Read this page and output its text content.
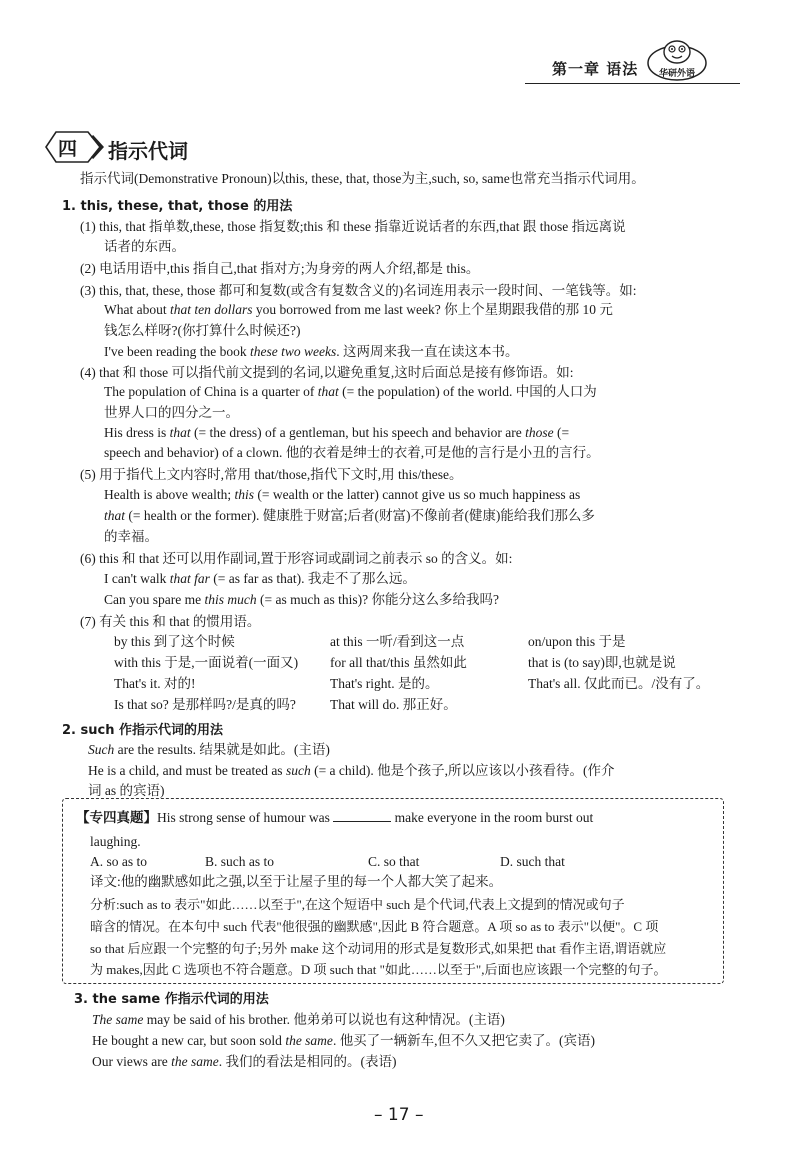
第一章 语法	华研外语
四 指示代词
指示代词(Demonstrative Pronoun)以this, these, that, those为主,such, so, same也常充当指示代词用。
1. this, these, that, those 的用法
(1) this, that 指单数,these, those 指复数;this 和 these 指靠近说话者的东西,that 跟 those 指远离说
话者的东西。
(2) 电话用语中,this 指自己,that 指对方;为身旁的两人介绍,都是 this。
(3) this, that, these, those 都可和复数(或含有复数含义的)名词连用表示一段时间、一笔钱等。如:
What about that ten dollars you borrowed from me last week? 你上个星期跟我借的那 10 元
钱怎么样呀?(你打算什么时候还?)
I've been reading the book these two weeks. 这两周来我一直在读这本书。
(4) that 和 those 可以指代前文提到的名词,以避免重复,这时后面总是接有修饰语。如:
The population of China is a quarter of that (= the population) of the world. 中国的人口为
世界人口的四分之一。
His dress is that (= the dress) of a gentleman, but his speech and behavior are those (=
speech and behavior) of a clown. 他的衣着是绅士的衣着,可是他的言行是小丑的言行。
(5) 用于指代上文内容时,常用 that/those,指代下文时,用 this/these。
Health is above wealth; this (= wealth or the latter) cannot give us so much happiness as
that (= health or the former). 健康胜于财富;后者(财富)不像前者(健康)能给我们那么多
的幸福。
(6) this 和 that 还可以用作副词,置于形容词或副词之前表示 so 的含义。如:
I can't walk that far (= as far as that). 我走不了那么远。
Can you spare me this much (= as much as this)? 你能分这么多给我吗?
(7) 有关 this 和 that 的惯用语。
by this 到了这个时候	at this 一听/看到这一点	on/upon this 于是
with this 于是,一面说着(一面又) for all that/this 虽然如此	that is (to say)即,也就是说
That's it. 对的!	That's right. 是的。	That's all. 仅此而已。/没有了。
Is that so? 是那样吗?/是真的吗?	That will do. 那正好。
2. such 作指示代词的用法
Such are the results. 结果就是如此。(主语)
He is a child, and must be treated as such (= a child). 他是个孩子,所以应该以小孩看待。(作介
词 as 的宾语)
【专四真题】His strong sense of humour was	make everyone in the room burst out
laughing.
A. so as to	B. such as to	C. so that	D. such that
译文:他的幽默感如此之强,以至于让屋子里的每一个人都大笑了起来。
分析:such as to 表示"如此……以至于",在这个短语中 such 是个代词,代表上文提到的情况或句子
暗含的情况。在本句中 such 代表"他很强的幽默感",因此 B 符合题意。A 项 so as to 表示"以便"。C 项
so that 后应跟一个完整的句子;另外 make 这个动词用的形式是复数形式,如果把 that 看作主语,谓语就应
为 makes,因此 C 选项也不符合题意。D 项 such that "如此……以至于",后面也应该跟一个完整的句子。
3. the same 作指示代词的用法
The same may be said of his brother. 他弟弟可以说也有这种情况。(主语)
He bought a new car, but soon sold the same. 他买了一辆新车,但不久又把它卖了。(宾语)
Our views are the same. 我们的看法是相同的。(表语)
– 17 –
